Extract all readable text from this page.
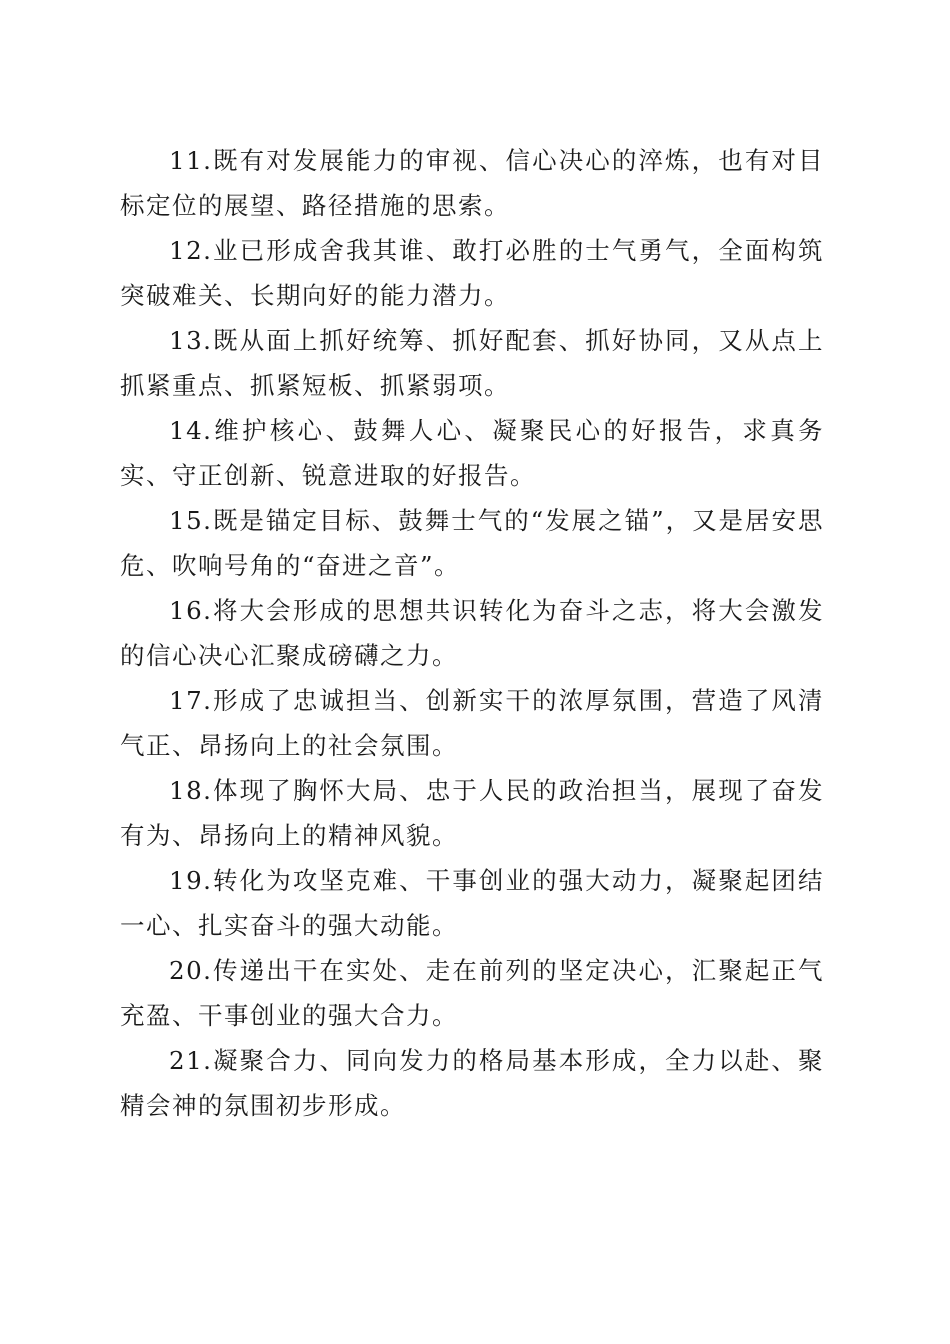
11.既有对发展能力的审视、信心决心的淬炼，也有对目标定位的展望、路径措施的思索。

12.业已形成舍我其谁、敢打必胜的士气勇气，全面构筑突破难关、长期向好的能力潜力。

13.既从面上抓好统筹、抓好配套、抓好协同，又从点上抓紧重点、抓紧短板、抓紧弱项。

14.维护核心、鼓舞人心、凝聚民心的好报告，求真务实、守正创新、锐意进取的好报告。

15.既是锚定目标、鼓舞士气的“发展之锚”，又是居安思危、吹响号角的“奋进之音”。

16.将大会形成的思想共识转化为奋斗之志，将大会激发的信心决心汇聚成磅礴之力。

17.形成了忠诚担当、创新实干的浓厚氛围，营造了风清气正、昂扬向上的社会氛围。

18.体现了胸怀大局、忠于人民的政治担当，展现了奋发有为、昂扬向上的精神风貌。

19.转化为攻坚克难、干事创业的强大动力，凝聚起团结一心、扎实奋斗的强大动能。

20.传递出干在实处、走在前列的坚定决心，汇聚起正气充盈、干事创业的强大合力。

21.凝聚合力、同向发力的格局基本形成，全力以赴、聚精会神的氛围初步形成。
